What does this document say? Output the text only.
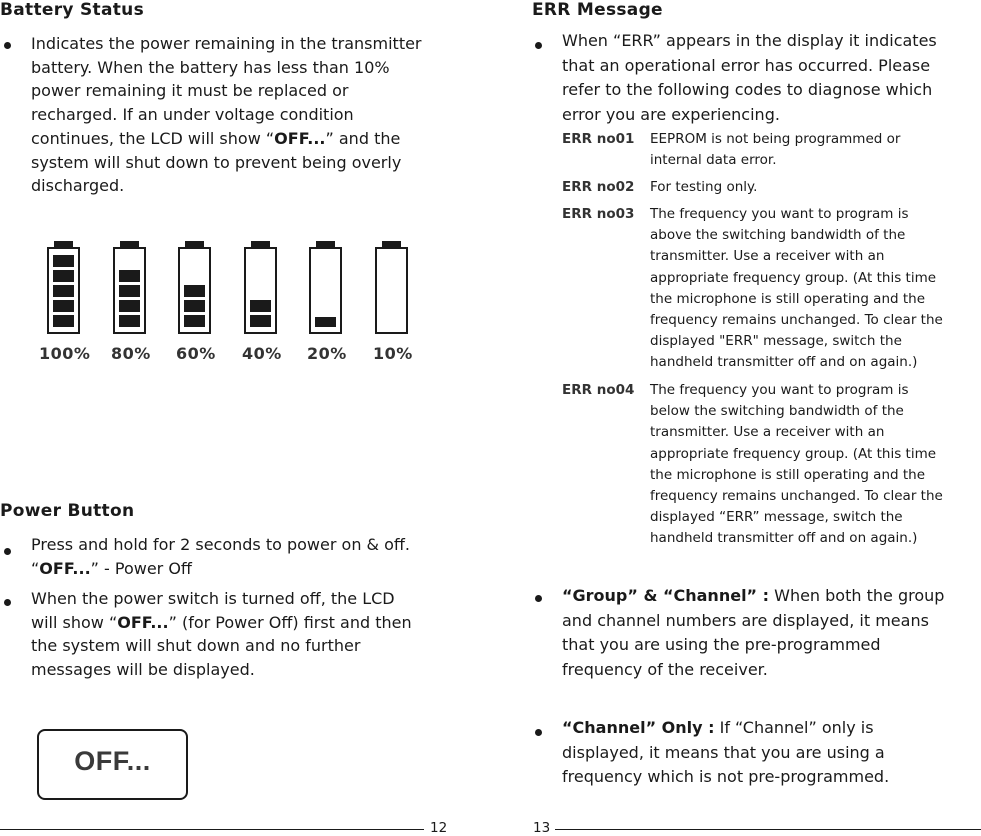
Battery Status
Indicates the power remaining in the transmitter
battery. When the battery has less than 10%
power remaining it must be replaced or
recharged. If an under voltage condition
continues, the LCD will show “OFF...” and the
system will shut down to prevent being overly
discharged.
100% 80% 60% 40% 20% 10%
Power Button
Press and hold for 2 seconds to power on & off.
“OFF...” - Power Off
When the power switch is turned off, the LCD
will show “OFF...” (for Power Off) first and then
the system will shut down and no further
messages will be displayed.
OFF...
12
ERR Message
When “ERR” appears in the display it indicates
that an operational error has occurred. Please
refer to the following codes to diagnose which
error you are experiencing.
ERR no01 EEPROM is not being programmed or
internal data error.
ERR no02 For testing only.
ERR no03 The frequency you want to program is
above the switching bandwidth of the
transmitter. Use a receiver with an
appropriate frequency group. (At this time
the microphone is still operating and the
frequency remains unchanged. To clear the
displayed "ERR" message, switch the
handheld transmitter off and on again.)
ERR no04 The frequency you want to program is
below the switching bandwidth of the
transmitter. Use a receiver with an
appropriate frequency group. (At this time
the microphone is still operating and the
frequency remains unchanged. To clear the
displayed “ERR” message, switch the
handheld transmitter off and on again.)
“Group” & “Channel” : When both the group
and channel numbers are displayed, it means
that you are using the pre-programmed
frequency of the receiver.
“Channel” Only : If “Channel” only is
displayed, it means that you are using a
frequency which is not pre-programmed.
13
